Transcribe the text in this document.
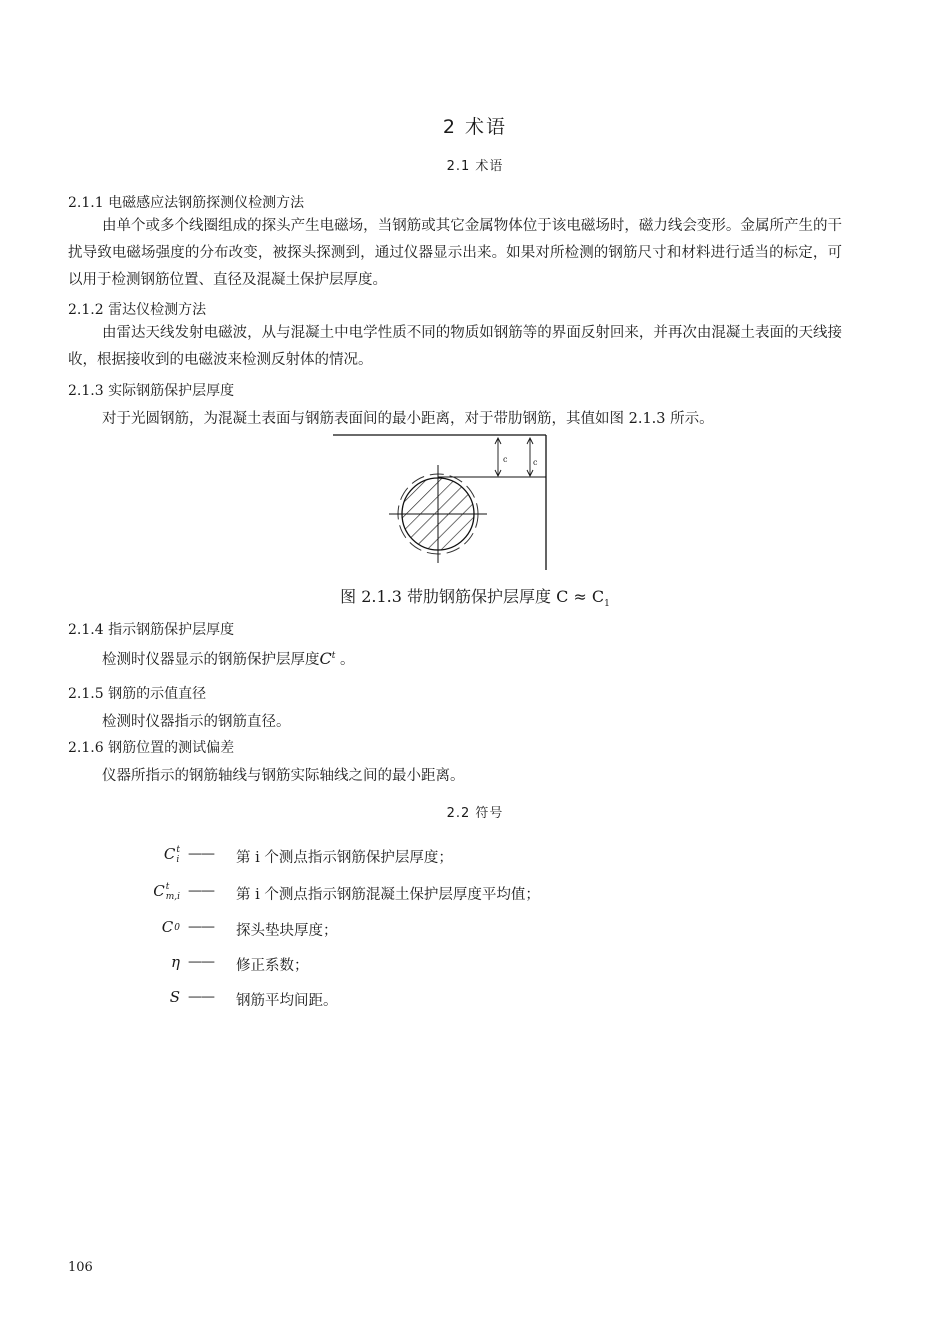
2 术语
2.1 术语
2.1.1 电磁感应法钢筋探测仪检测方法
由单个或多个线圈组成的探头产生电磁场，当钢筋或其它金属物体位于该电磁场时，磁力线会变形。金属所产生的干扰导致电磁场强度的分布改变，被探头探测到，通过仪器显示出来。如果对所检测的钢筋尺寸和材料进行适当的标定，可以用于检测钢筋位置、直径及混凝土保护层厚度。
2.1.2 雷达仪检测方法
由雷达天线发射电磁波，从与混凝土中电学性质不同的物质如钢筋等的界面反射回来，并再次由混凝土表面的天线接收，根据接收到的电磁波来检测反射体的情况。
2.1.3 实际钢筋保护层厚度
对于光圆钢筋，为混凝土表面与钢筋表面间的最小距离，对于带肋钢筋，其值如图 2.1.3 所示。
c	c
图 2.1.3 带肋钢筋保护层厚度 $C \approx C_1$
2.1.4 指示钢筋保护层厚度
检测时仪器显示的钢筋保护层厚度$C^t$ 。
2.1.5 钢筋的示值直径
检测时仪器指示的钢筋直径。
2.1.6 钢筋位置的测试偏差
仪器所指示的钢筋轴线与钢筋实际轴线之间的最小距离。
2.2 符号
C t
i —— 第 i 个测点指示钢筋保护层厚度；
C t
m,i —— 第 i 个测点指示钢筋混凝土保护层厚度平均值；
C 0 —— 探头垫块厚度；
η —— 修正系数；
S —— 钢筋平均间距。
106
